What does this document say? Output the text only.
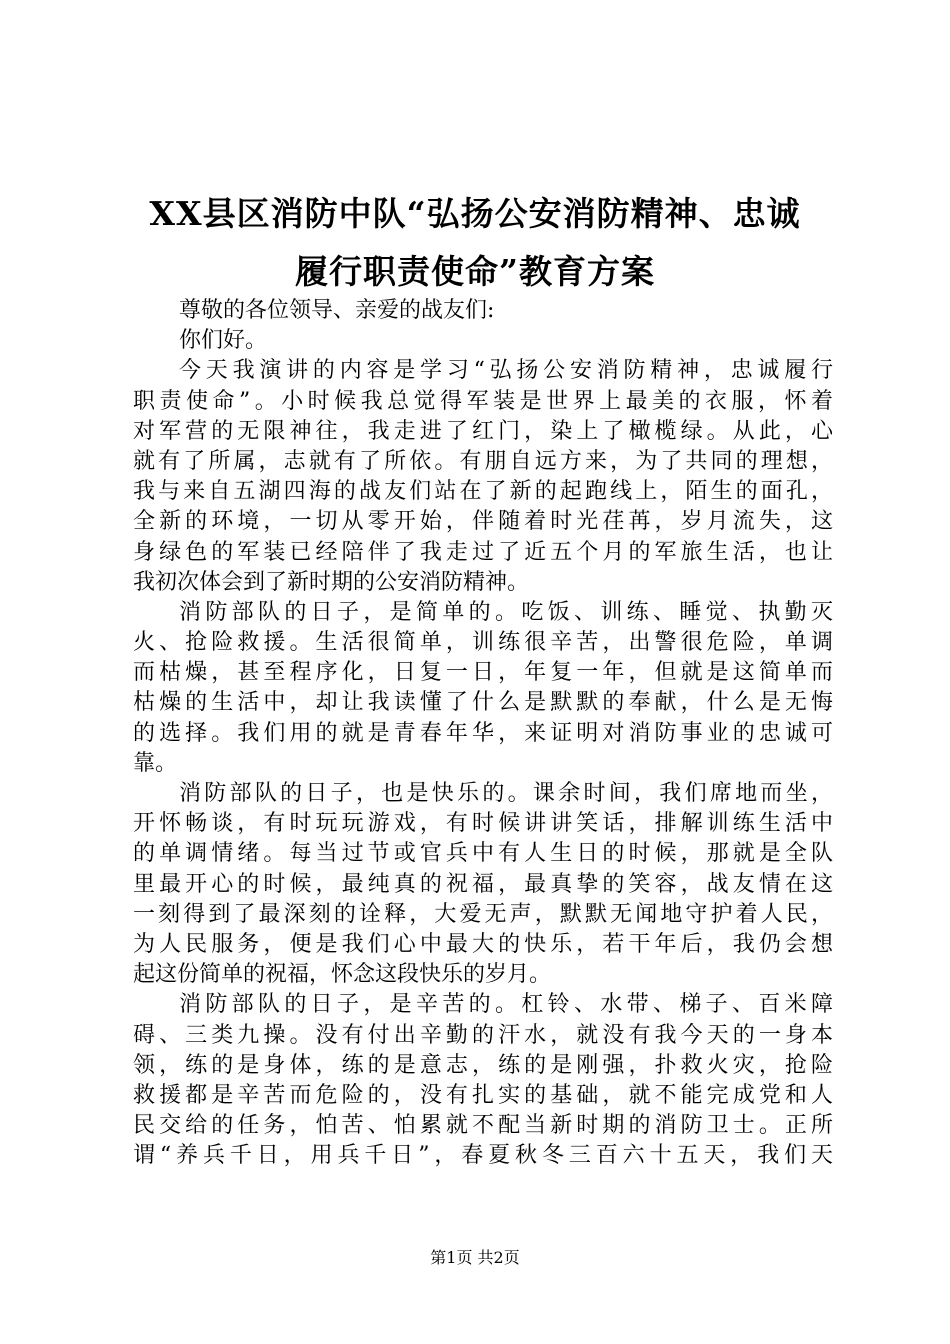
XX县区消防中队“弘扬公安消防精神、忠诚
履行职责使命”教育方案
尊敬的各位领导、亲爱的战友们:
你们好。
今天我演讲的内容是学习“弘扬公安消防精神，忠诚履行
职责使命”。小时候我总觉得军装是世界上最美的衣服，怀着
对军营的无限神往，我走进了红门，染上了橄榄绿。从此，心
就有了所属，志就有了所依。有朋自远方来，为了共同的理想，
我与来自五湖四海的战友们站在了新的起跑线上，陌生的面孔，
全新的环境，一切从零开始，伴随着时光荏苒，岁月流失，这
身绿色的军装已经陪伴了我走过了近五个月的军旅生活，也让
我初次体会到了新时期的公安消防精神。
消防部队的日子，是简单的。吃饭、训练、睡觉、执勤灭
火、抢险救援。生活很简单，训练很辛苦，出警很危险，单调
而枯燥，甚至程序化，日复一日，年复一年，但就是这简单而
枯燥的生活中，却让我读懂了什么是默默的奉献，什么是无悔
的选择。我们用的就是青春年华，来证明对消防事业的忠诚可
靠。
消防部队的日子，也是快乐的。课余时间，我们席地而坐，
开怀畅谈，有时玩玩游戏，有时候讲讲笑话，排解训练生活中
的单调情绪。每当过节或官兵中有人生日的时候，那就是全队
里最开心的时候，最纯真的祝福，最真挚的笑容，战友情在这
一刻得到了最深刻的诠释，大爱无声，默默无闻地守护着人民，
为人民服务，便是我们心中最大的快乐，若干年后，我仍会想
起这份简单的祝福，怀念这段快乐的岁月。
消防部队的日子，是辛苦的。杠铃、水带、梯子、百米障
碍、三类九操。没有付出辛勤的汗水，就没有我今天的一身本
领，练的是身体，练的是意志，练的是刚强，扑救火灾，抢险
救援都是辛苦而危险的，没有扎实的基础，就不能完成党和人
民交给的任务，怕苦、怕累就不配当新时期的消防卫士。正所
谓“养兵千日，用兵千日”，春夏秋冬三百六十五天，我们天
第1页 共2页
